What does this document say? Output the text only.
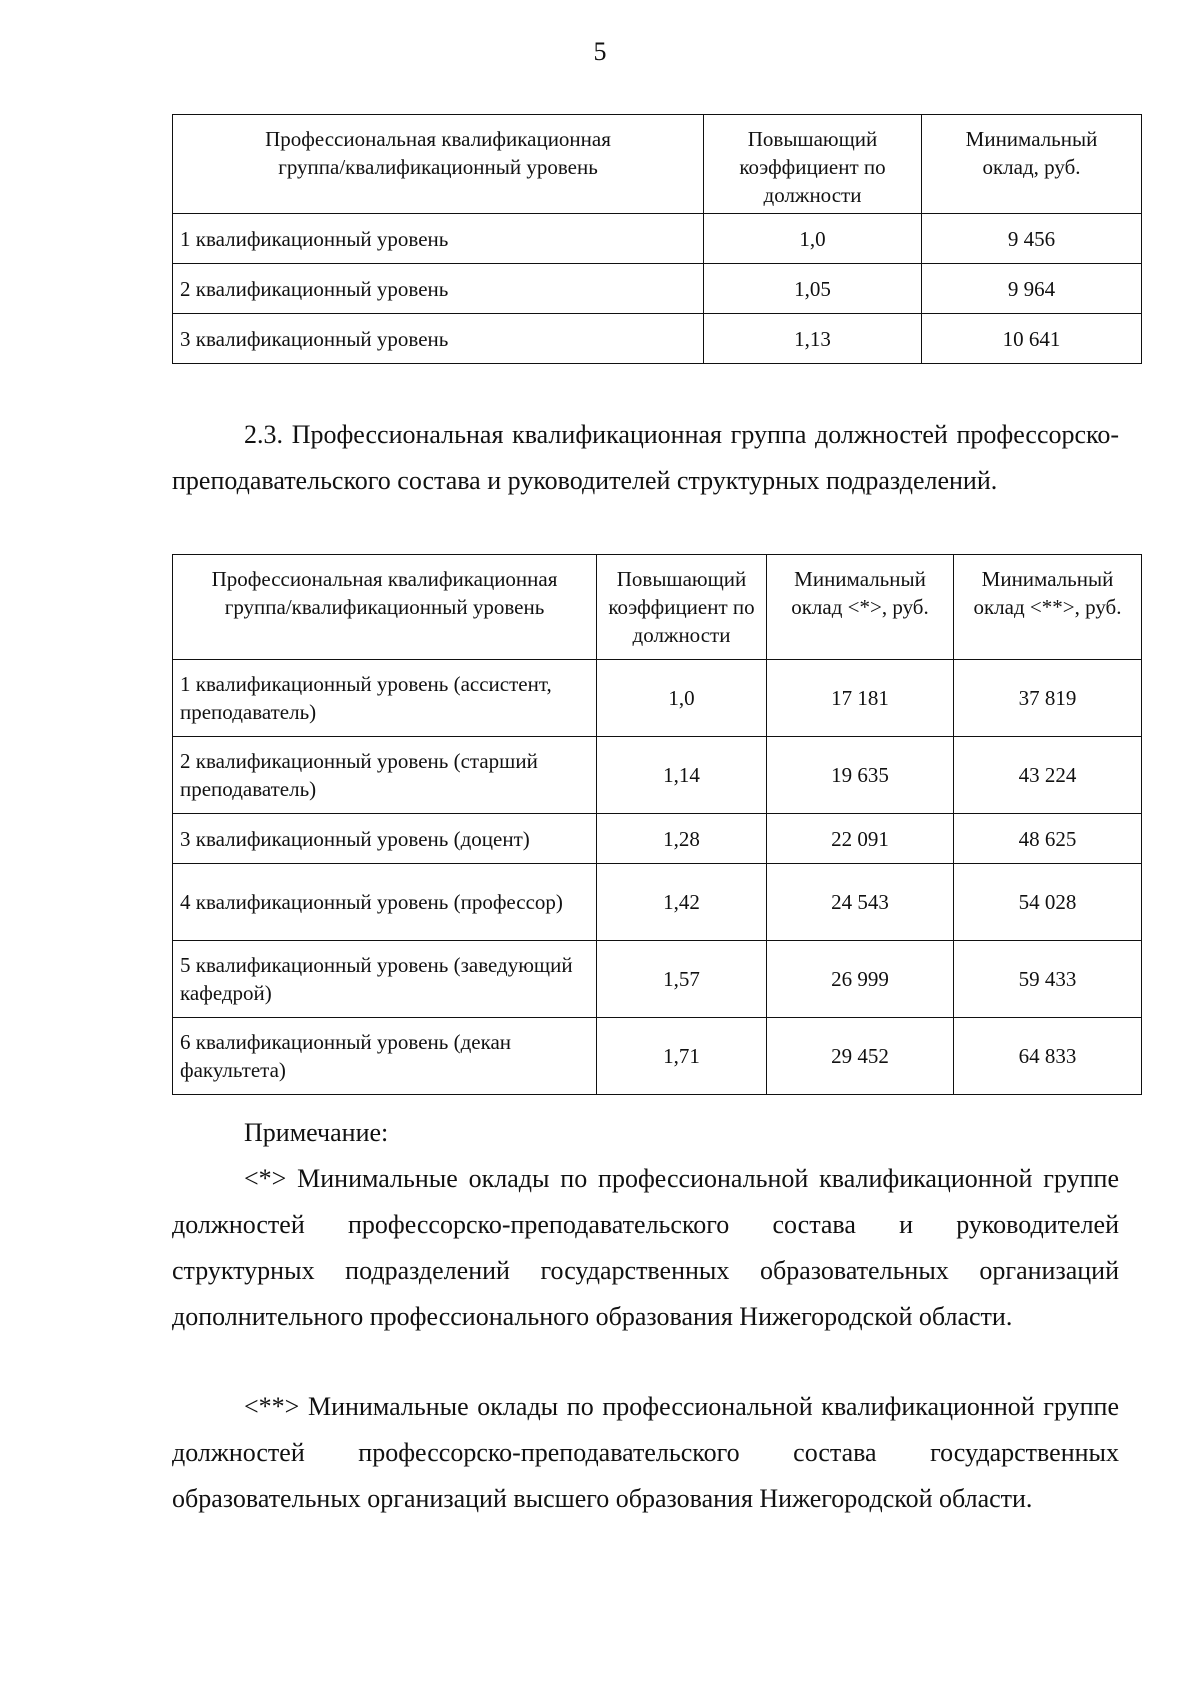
5
Профессиональная квалификационная группа/квалификационный уровень	Повышающий коэффициент по должности	Минимальный оклад, руб.
1 квалификационный уровень	1,0	9 456
2 квалификационный уровень	1,05	9 964
3 квалификационный уровень	1,13	10 641
2.3. Профессиональная квалификационная группа должностей профессорско-преподавательского состава и руководителей структурных подразделений.
Профессиональная квалификационная группа/квалификационный уровень	Повышающий коэффициент по должности	Минимальный оклад <*>, руб.	Минимальный оклад <**>, руб.
1 квалификационный уровень (ассистент, преподаватель)	1,0	17 181	37 819
2 квалификационный уровень (старший преподаватель)	1,14	19 635	43 224
3 квалификационный уровень (доцент)	1,28	22 091	48 625
4 квалификационный уровень (профессор)	1,42	24 543	54 028
5 квалификационный уровень (заведующий кафедрой)	1,57	26 999	59 433
6 квалификационный уровень (декан факультета)	1,71	29 452	64 833
Примечание:
<*> Минимальные оклады по профессиональной квалификационной группе должностей профессорско-преподавательского состава и руководителей структурных подразделений государственных образовательных организаций дополнительного профессионального образования Нижегородской области.
<**> Минимальные оклады по профессиональной квалификационной группе должностей профессорско-преподавательского состава государственных образовательных организаций высшего образования Нижегородской области.
